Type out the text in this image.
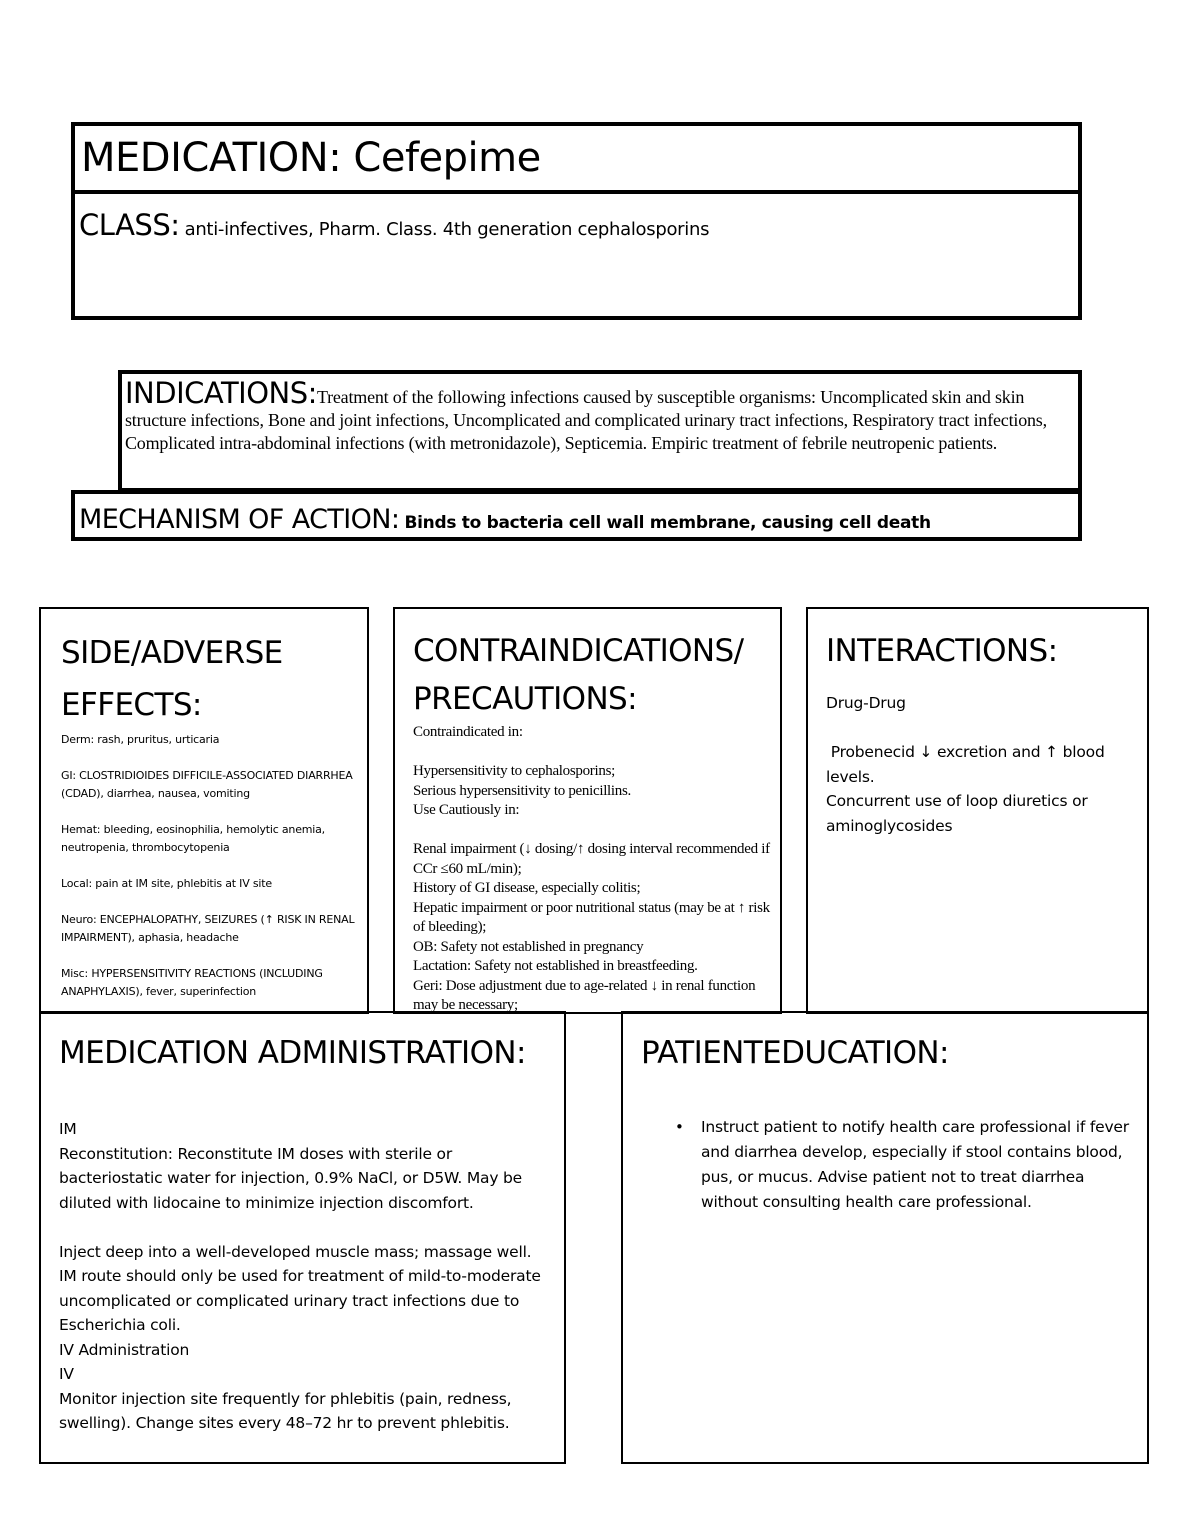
MEDICATION: Cefepime
CLASS: anti-infectives, Pharm. Class. 4th generation cephalosporins
INDICATIONS:Treatment of the following infections caused by susceptible organisms: Uncomplicated skin and skin structure infections, Bone and joint infections, Uncomplicated and complicated urinary tract infections, Respiratory tract infections, Complicated intra-abdominal infections (with metronidazole), Septicemia. Empiric treatment of febrile neutropenic patients.
MECHANISM OF ACTION: Binds to bacteria cell wall membrane, causing cell death
SIDE/ADVERSE
EFFECTS:
Derm: rash, pruritus, urticaria
GI: CLOSTRIDIOIDES DIFFICILE-ASSOCIATED DIARRHEA (CDAD), diarrhea, nausea, vomiting
Hemat: bleeding, eosinophilia, hemolytic anemia, neutropenia, thrombocytopenia
Local: pain at IM site, phlebitis at IV site
Neuro: ENCEPHALOPATHY, SEIZURES (↑ RISK IN RENAL IMPAIRMENT), aphasia, headache
Misc: HYPERSENSITIVITY REACTIONS (INCLUDING ANAPHYLAXIS), fever, superinfection
CONTRAINDICATIONS/
PRECAUTIONS:

Contraindicated in:

Hypersensitivity to cephalosporins;

Serious hypersensitivity to penicillins.

Use Cautiously in:

Renal impairment (↓ dosing/↑ dosing interval recommended if CCr ≤60 mL/min);

History of GI disease, especially colitis;

Hepatic impairment or poor nutritional status (may be at ↑ risk of bleeding);

OB: Safety not established in pregnancy

Lactation: Safety not established in breastfeeding.

Geri: Dose adjustment due to age-related ↓ in renal function may be necessary;

INTERACTIONS:

Drug-Drug

Probenecid ↓ excretion and ↑ blood levels.

Concurrent use of loop diuretics or aminoglycosides

MEDICATION ADMINISTRATION:

IM

Reconstitution: Reconstitute IM doses with sterile or bacteriostatic water for injection, 0.9% NaCl, or D5W. May be diluted with lidocaine to minimize injection discomfort.

Inject deep into a well-developed muscle mass; massage well.

IM route should only be used for treatment of mild-to-moderate uncomplicated or complicated urinary tract infections due to Escherichia coli.

IV Administration

IV

Monitor injection site frequently for phlebitis (pain, redness, swelling). Change sites every 48–72 hr to prevent phlebitis.

PATIENTEDUCATION:
• Instruct patient to notify health care professional if fever and diarrhea develop, especially if stool contains blood, pus, or mucus. Advise patient not to treat diarrhea without consulting health care professional.
